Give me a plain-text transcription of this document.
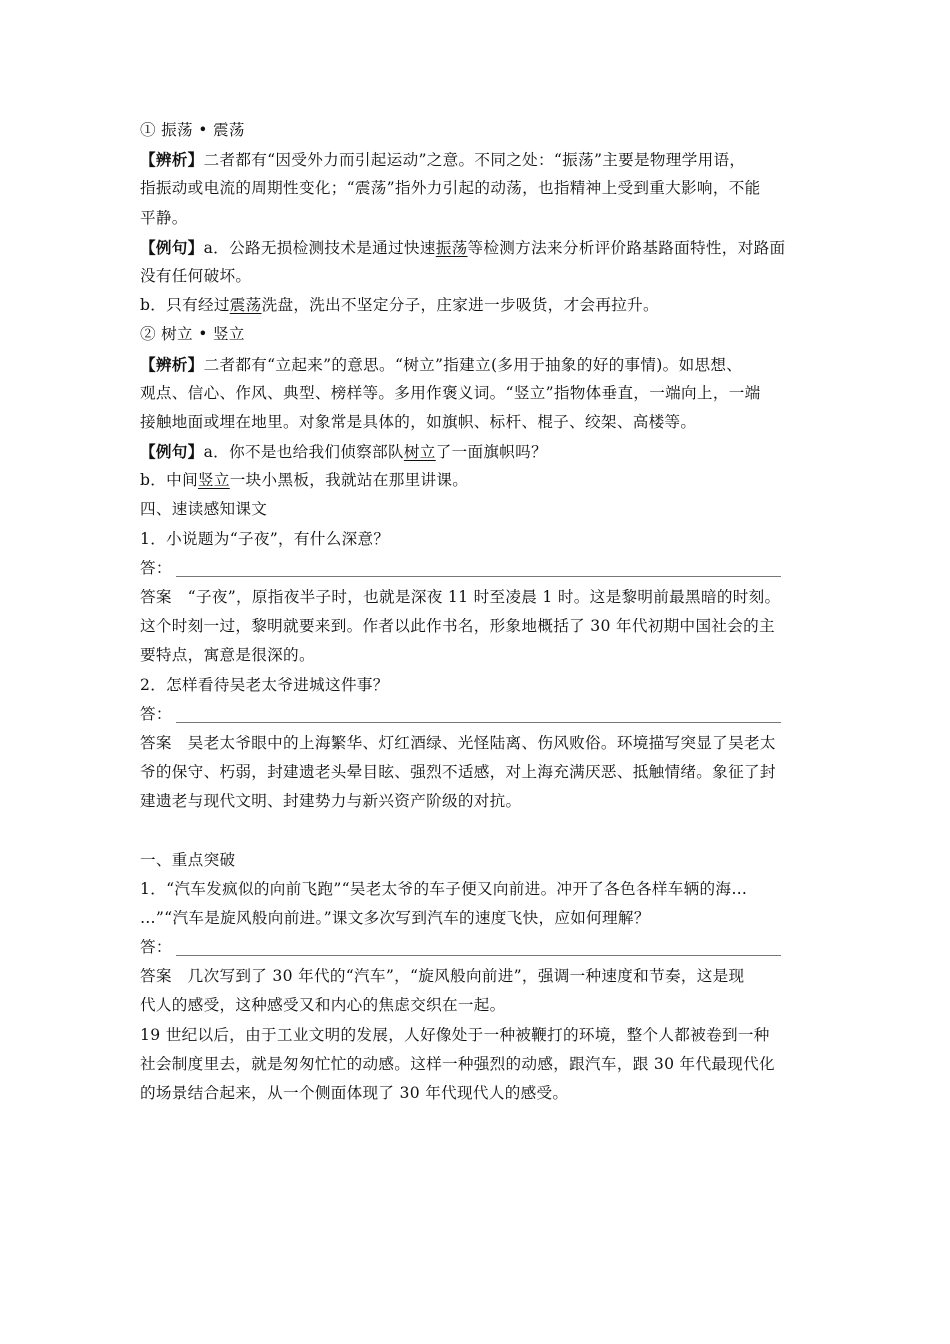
① 振荡 • 震荡
【辨析】二者都有“因受外力而引起运动”之意。不同之处：“振荡”主要是物理学用语，
指振动或电流的周期性变化；“震荡”指外力引起的动荡，也指精神上受到重大影响，不能
平静。
【例句】a．公路无损检测技术是通过快速振荡等检测方法来分析评价路基路面特性，对路面
没有任何破坏。
b．只有经过震荡洗盘，洗出不坚定分子，庄家进一步吸货，才会再拉升。
② 树立 • 竖立
【辨析】二者都有“立起来”的意思。“树立”指建立(多用于抽象的好的事情)。如思想、
观点、信心、作风、典型、榜样等。多用作褒义词。“竖立”指物体垂直，一端向上，一端
接触地面或埋在地里。对象常是具体的，如旗帜、标杆、棍子、绞架、高楼等。
【例句】a．你不是也给我们侦察部队树立了一面旗帜吗？
b．中间竖立一块小黑板，我就站在那里讲课。
四、速读感知课文
1．小说题为“子夜”，有什么深意？
答：
答案　“子夜”，原指夜半子时，也就是深夜 11 时至凌晨 1 时。这是黎明前最黑暗的时刻。
这个时刻一过，黎明就要来到。作者以此作书名，形象地概括了 30 年代初期中国社会的主
要特点，寓意是很深的。
2．怎样看待吴老太爷进城这件事？
答：
答案　吴老太爷眼中的上海繁华、灯红酒绿、光怪陆离、伤风败俗。环境描写突显了吴老太
爷的保守、朽弱，封建遗老头晕目眩、强烈不适感，对上海充满厌恶、抵触情绪。象征了封
建遗老与现代文明、封建势力与新兴资产阶级的对抗。
一、重点突破
1．“汽车发疯似的向前飞跑”“吴老太爷的车子便又向前进。冲开了各色各样车辆的海…
…”“汽车是旋风般向前进。”课文多次写到汽车的速度飞快，应如何理解？
答：
答案　几次写到了 30 年代的“汽车”，“旋风般向前进”，强调一种速度和节奏，这是现
代人的感受，这种感受又和内心的焦虑交织在一起。
19 世纪以后，由于工业文明的发展，人好像处于一种被鞭打的环境，整个人都被卷到一种
社会制度里去，就是匆匆忙忙的动感。这样一种强烈的动感，跟汽车，跟 30 年代最现代化
的场景结合起来，从一个侧面体现了 30 年代现代人的感受。
